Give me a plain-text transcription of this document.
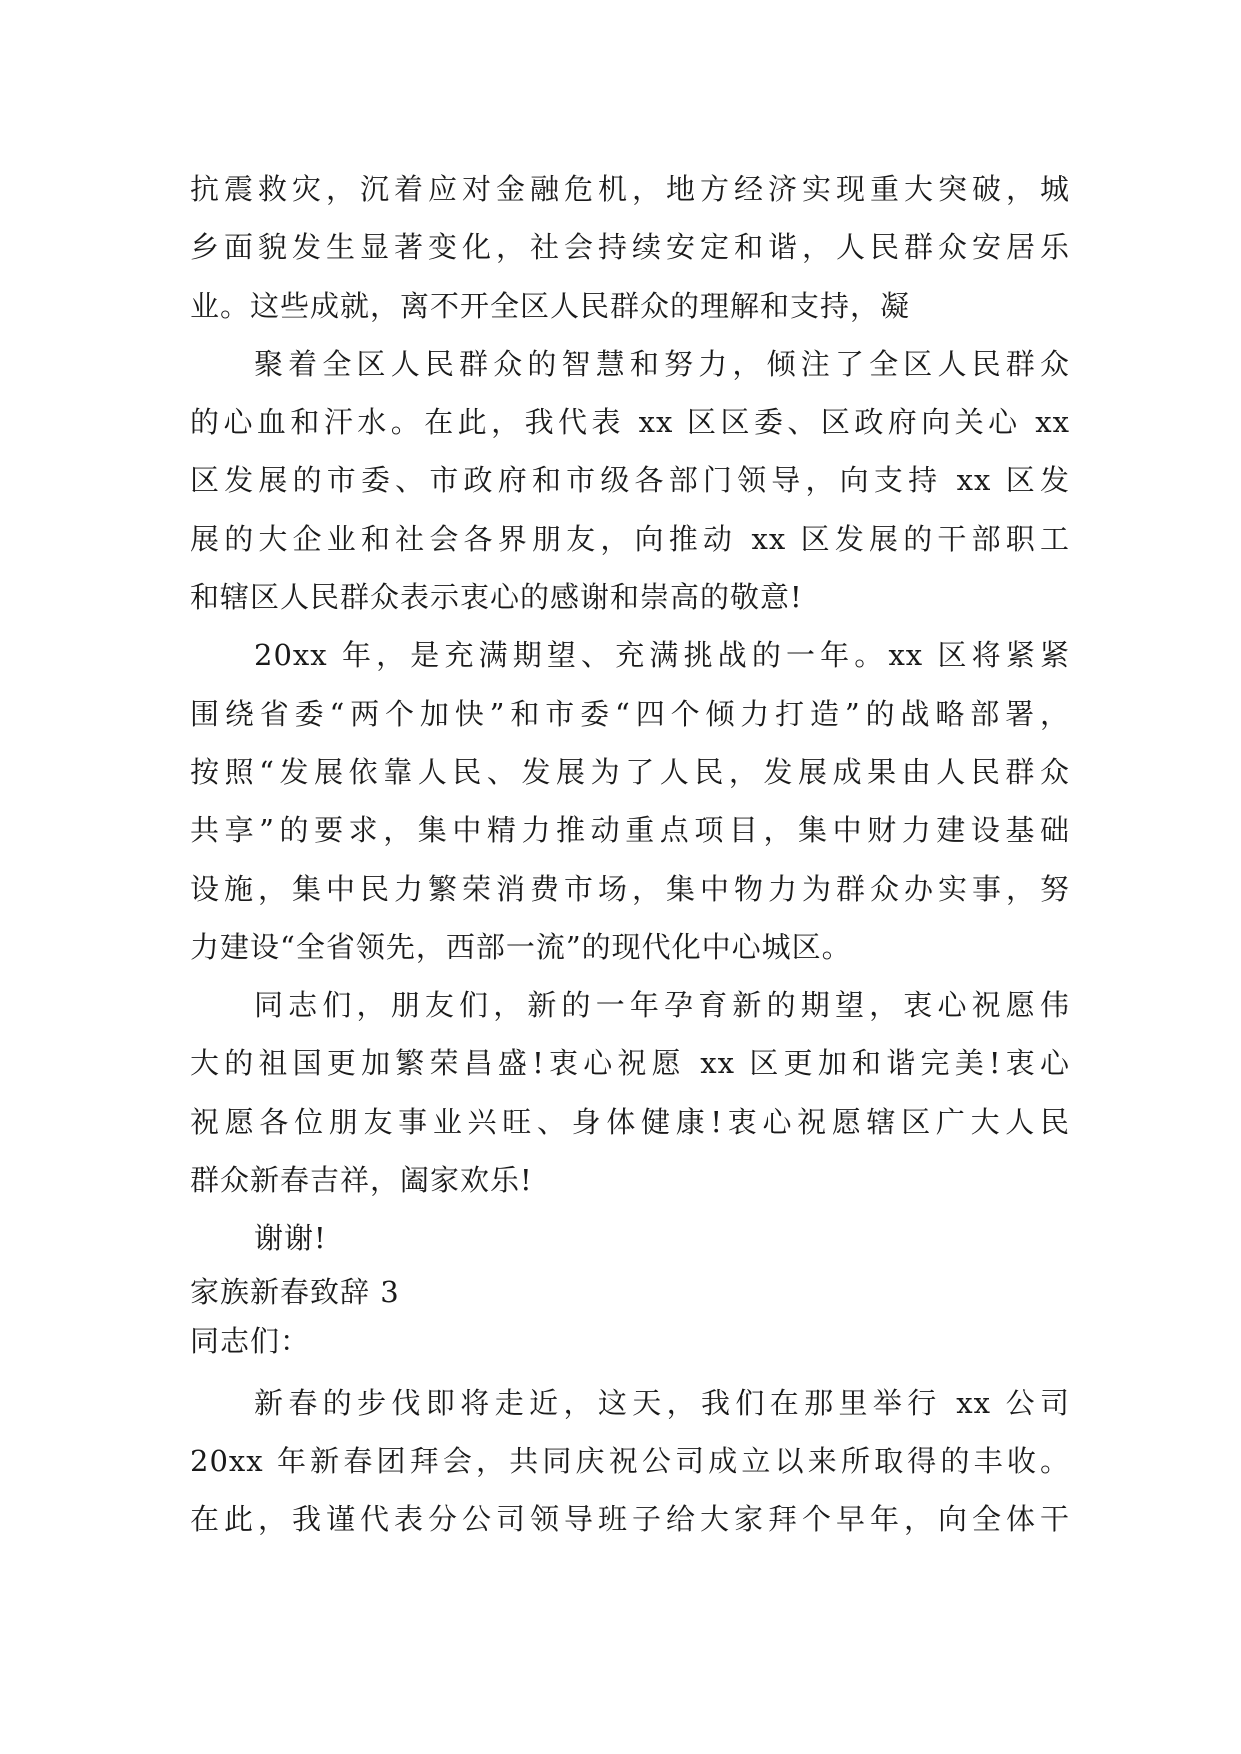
抗震救灾，沉着应对金融危机，地方经济实现重大突破，城
乡面貌发生显著变化，社会持续安定和谐，人民群众安居乐
业。这些成就，离不开全区人民群众的理解和支持，凝
聚着全区人民群众的智慧和努力，倾注了全区人民群众
的心血和汗水。在此，我代表 xx 区区委、区政府向关心 xx
区发展的市委、市政府和市级各部门领导，向支持 xx 区发
展的大企业和社会各界朋友，向推动 xx 区发展的干部职工
和辖区人民群众表示衷心的感谢和崇高的敬意!
20xx 年，是充满期望、充满挑战的一年。xx 区将紧紧
围绕省委“两个加快”和市委“四个倾力打造”的战略部署，
按照“发展依靠人民、发展为了人民，发展成果由人民群众
共享”的要求，集中精力推动重点项目，集中财力建设基础
设施，集中民力繁荣消费市场，集中物力为群众办实事，努
力建设“全省领先，西部一流”的现代化中心城区。
同志们，朋友们，新的一年孕育新的期望，衷心祝愿伟
大的祖国更加繁荣昌盛!衷心祝愿 xx 区更加和谐完美!衷心
祝愿各位朋友事业兴旺、身体健康!衷心祝愿辖区广大人民
群众新春吉祥，阖家欢乐!
谢谢!
家族新春致辞 3
同志们：
新春的步伐即将走近，这天，我们在那里举行 xx 公司
20xx 年新春团拜会，共同庆祝公司成立以来所取得的丰收。
在此，我谨代表分公司领导班子给大家拜个早年，向全体干
